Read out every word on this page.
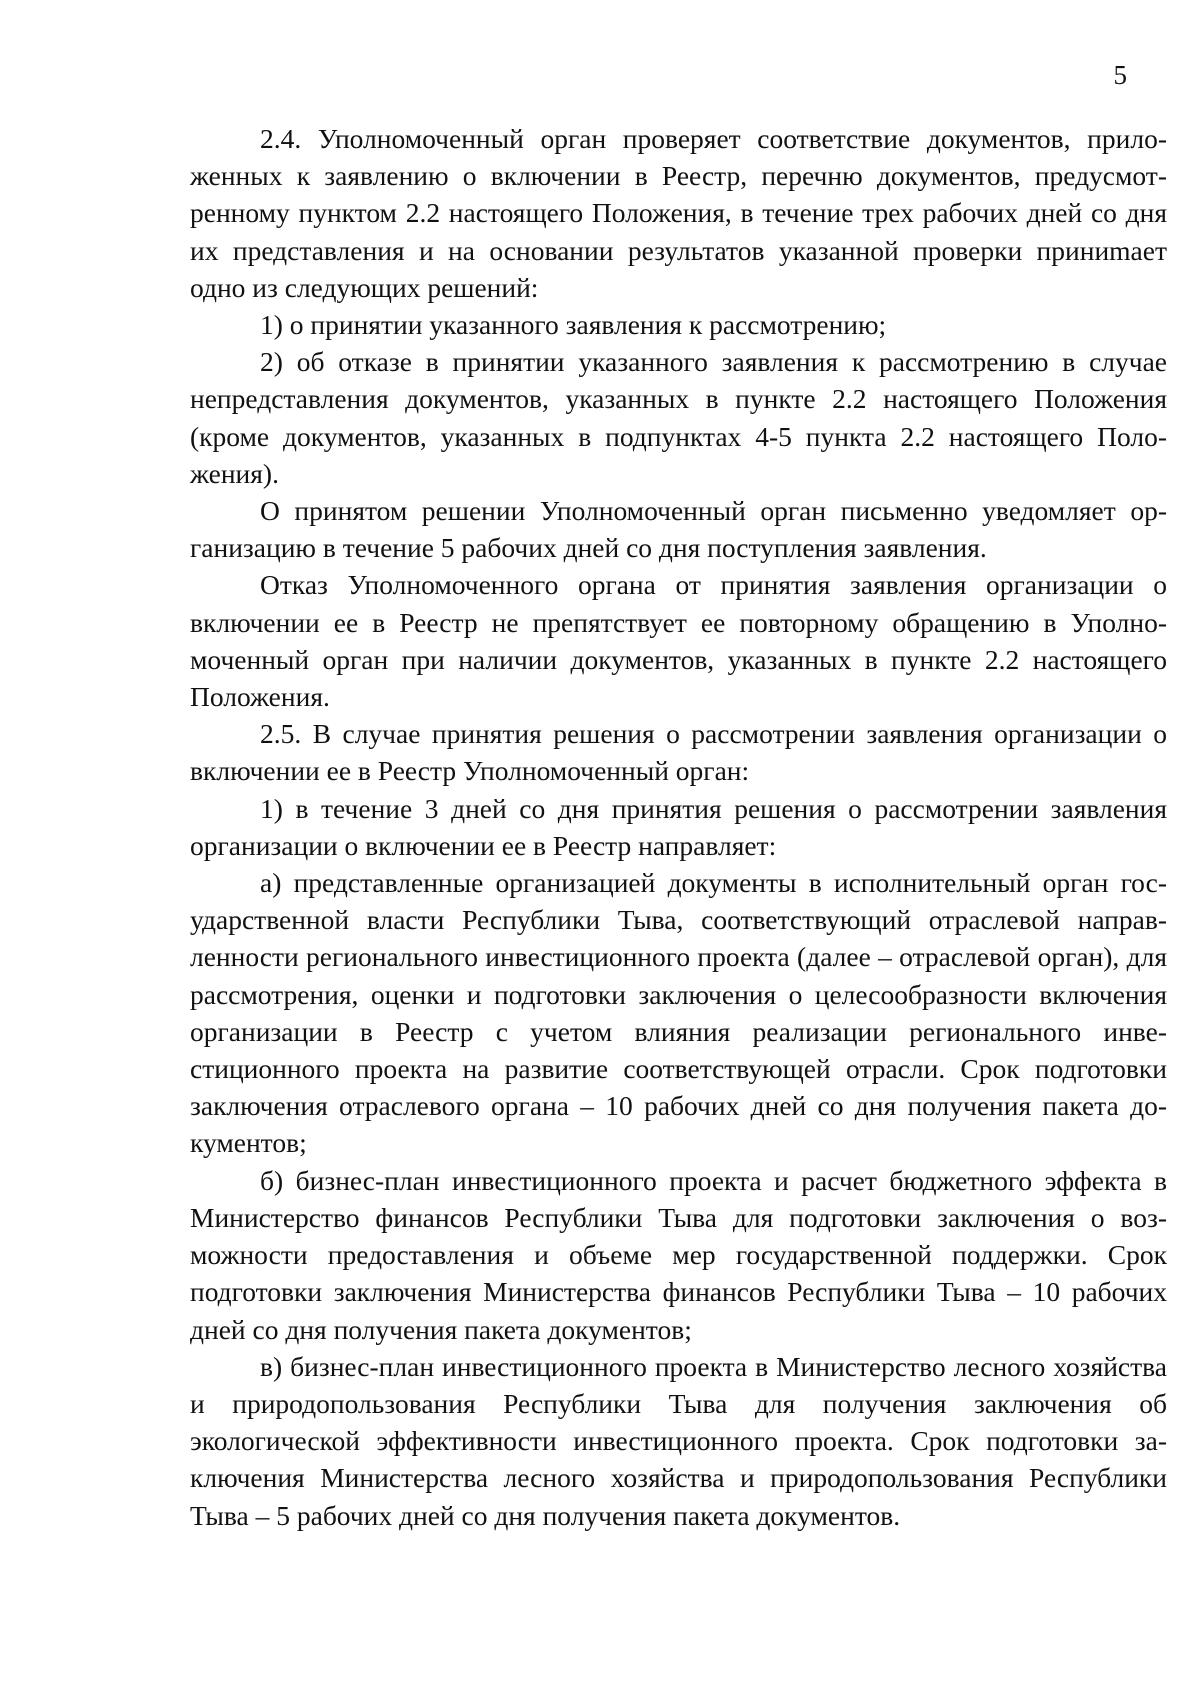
5

2.4. Уполномоченный орган проверяет соответствие документов, приложенных к заявлению о включении в Реестр, перечню документов, предусмотренному пунктом 2.2 настоящего Положения, в течение трех рабочих дней со дня их представления и на основании результатов указанной проверки приниmает одно из следующих решений:

1) о принятии указанного заявления к рассмотрению;

2) об отказе в принятии указанного заявления к рассмотрению в случае непредставления документов, указанных в пункте 2.2 настоящего Положения (кроме документов, указанных в подпунктах 4-5 пункта 2.2 настоящего Положения).

О принятом решении Уполномоченный орган письменно уведомляет организацию в течение 5 рабочих дней со дня поступления заявления.

Отказ Уполномоченного органа от принятия заявления организации о включении ее в Реестр не препятствует ее повторному обращению в Уполномоченный орган при наличии документов, указанных в пункте 2.2 настоящего Положения.

2.5. В случае принятия решения о рассмотрении заявления организации о включении ее в Реестр Уполномоченный орган:

1) в течение 3 дней со дня принятия решения о рассмотрении заявления организации о включении ее в Реестр направляет:

а) представленные организацией документы в исполнительный орган государственной власти Республики Тыва, соответствующий отраслевой направленности регионального инвестиционного проекта (далее – отраслевой орган), для рассмотрения, оценки и подготовки заключения о целесообразности включения организации в Реестр с учетом влияния реализации регионального инвестиционного проекта на развитие соответствующей отрасли. Срок подготовки заключения отраслевого органа – 10 рабочих дней со дня получения пакета документов;

б) бизнес-план инвестиционного проекта и расчет бюджетного эффекта в Министерство финансов Республики Тыва для подготовки заключения о возможности предоставления и объеме мер государственной поддержки. Срок подготовки заключения Министерства финансов Республики Тыва – 10 рабочих дней со дня получения пакета документов;

в) бизнес-план инвестиционного проекта в Министерство лесного хозяйства и природопользования Республики Тыва для получения заключения об экологической эффективности инвестиционного проекта. Срок подготовки заключения Министерства лесного хозяйства и природопользования Республики Тыва – 5 рабочих дней со дня получения пакета документов.
